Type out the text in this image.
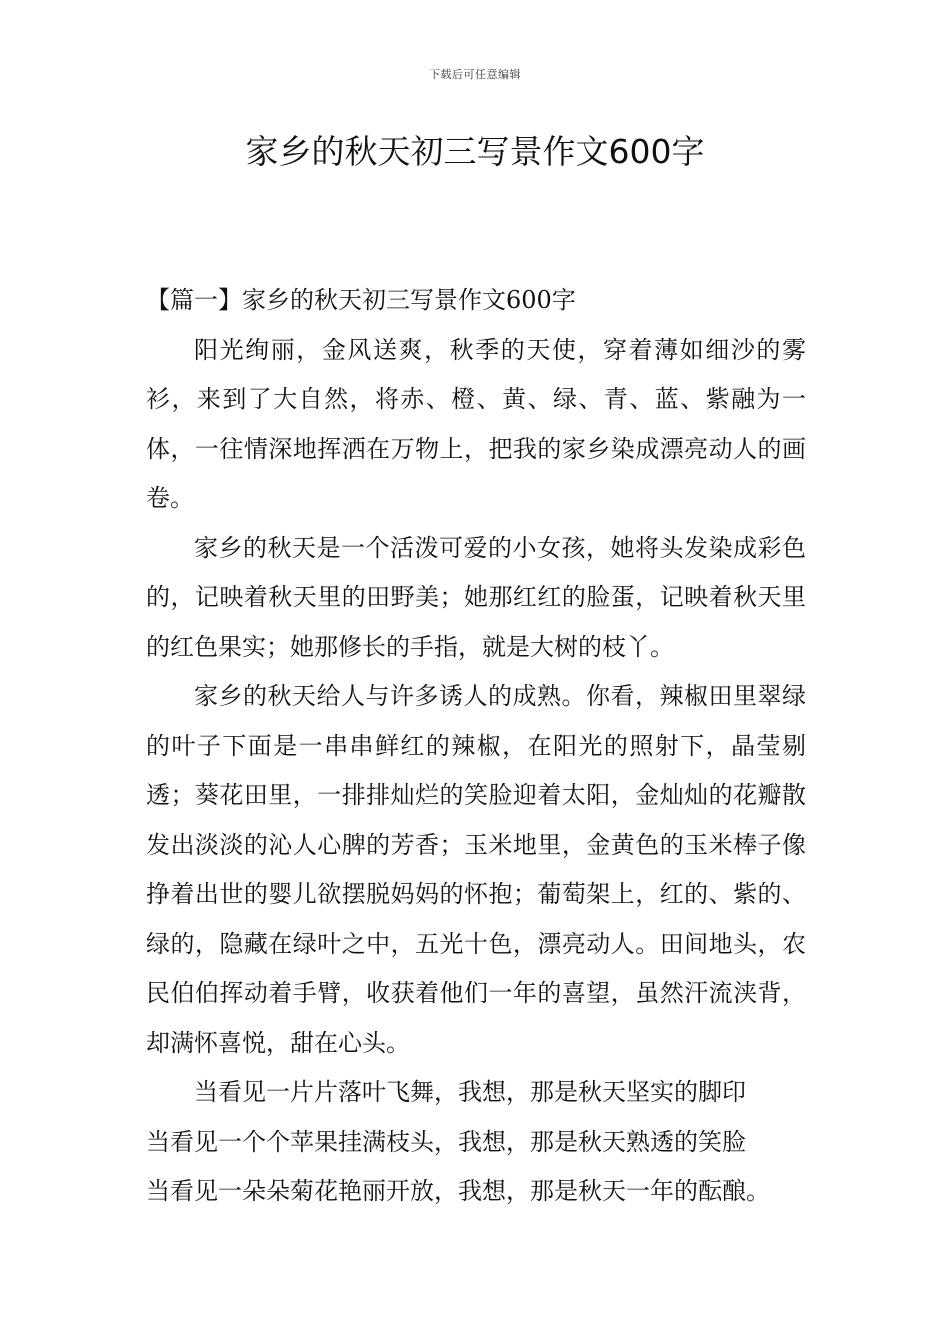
下载后可任意编辑
家乡的秋天初三写景作文600字

【篇一】家乡的秋天初三写景作文600字

阳光绚丽，金风送爽，秋季的天使，穿着薄如细沙的雾衫，来到了大自然，将赤、橙、黄、绿、青、蓝、紫融为一体，一往情深地挥洒在万物上，把我的家乡染成漂亮动人的画卷。

家乡的秋天是一个活泼可爱的小女孩，她将头发染成彩色的，记映着秋天里的田野美；她那红红的脸蛋，记映着秋天里的红色果实；她那修长的手指，就是大树的枝丫。

家乡的秋天给人与许多诱人的成熟。你看，辣椒田里翠绿的叶子下面是一串串鲜红的辣椒，在阳光的照射下，晶莹剔透；葵花田里，一排排灿烂的笑脸迎着太阳，金灿灿的花瓣散发出淡淡的沁人心脾的芳香；玉米地里，金黄色的玉米棒子像挣着出世的婴儿欲摆脱妈妈的怀抱；葡萄架上，红的、紫的、绿的，隐藏在绿叶之中，五光十色，漂亮动人。田间地头，农民伯伯挥动着手臂，收获着他们一年的喜望，虽然汗流浃背，却满怀喜悦，甜在心头。

当看见一片片落叶飞舞，我想，那是秋天坚实的脚印

当看见一个个苹果挂满枝头，我想，那是秋天熟透的笑脸

当看见一朵朵菊花艳丽开放，我想，那是秋天一年的酝酿。
